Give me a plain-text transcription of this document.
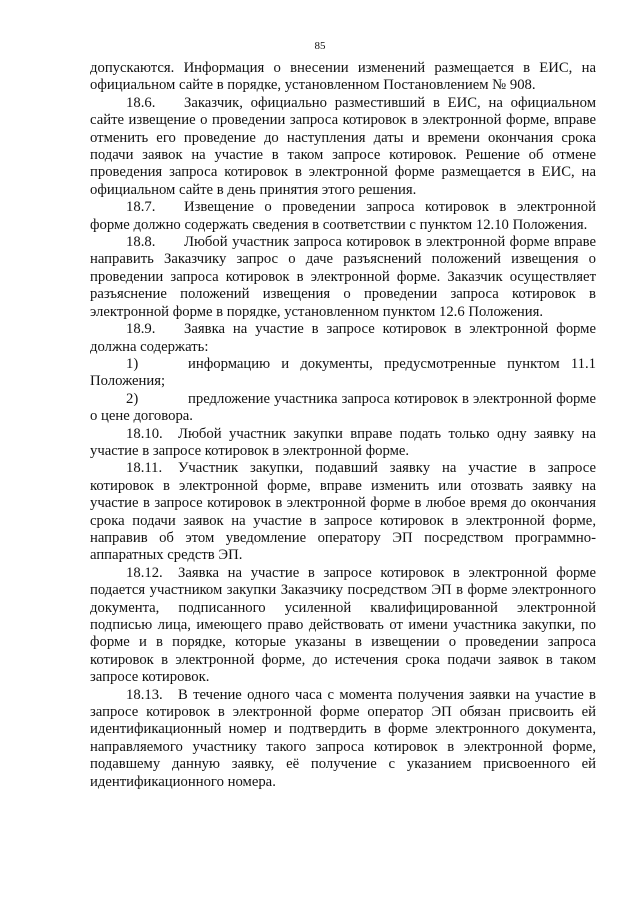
85

допускаются. Информация о внесении изменений размещается в ЕИС, на официальном сайте в порядке, установленном Постановлением № 908.

18.6. Заказчик, официально разместивший в ЕИС, на официальном сайте извещение о проведении запроса котировок в электронной форме, вправе отменить его проведение до наступления даты и времени окончания срока подачи заявок на участие в таком запросе котировок. Решение об отмене проведения запроса котировок в электронной форме размещается в ЕИС, на официальном сайте в день принятия этого решения.

18.7. Извещение о проведении запроса котировок в электронной форме должно содержать сведения в соответствии с пунктом 12.10 Положения.

18.8. Любой участник запроса котировок в электронной форме вправе направить Заказчику запрос о даче разъяснений положений извещения о проведении запроса котировок в электронной форме. Заказчик осуществляет разъяснение положений извещения о проведении запроса котировок в электронной форме в порядке, установленном пунктом 12.6 Положения.

18.9. Заявка на участие в запросе котировок в электронной форме должна содержать:

1)	информацию и документы, предусмотренные пунктом 11.1 Положения;

2)	предложение участника запроса котировок в электронной форме о цене договора.

18.10. Любой участник закупки вправе подать только одну заявку на участие в запросе котировок в электронной форме.

18.11. Участник закупки, подавший заявку на участие в запросе котировок в электронной форме, вправе изменить или отозвать заявку на участие в запросе котировок в электронной форме в любое время до окончания срока подачи заявок на участие в запросе котировок в электронной форме, направив об этом уведомление оператору ЭП посредством программно-аппаратных средств ЭП.

18.12. Заявка на участие в запросе котировок в электронной форме подается участником закупки Заказчику посредством ЭП в форме электронного документа, подписанного усиленной квалифицированной электронной подписью лица, имеющего право действовать от имени участника закупки, по форме и в порядке, которые указаны в извещении о проведении запроса котировок в электронной форме, до истечения срока подачи заявок в таком запросе котировок.

18.13. В течение одного часа с момента получения заявки на участие в запросе котировок в электронной форме оператор ЭП обязан присвоить ей идентификационный номер и подтвердить в форме электронного документа, направляемого участнику такого запроса котировок в электронной форме, подавшему данную заявку, её получение с указанием присвоенного ей идентификационного номера.
